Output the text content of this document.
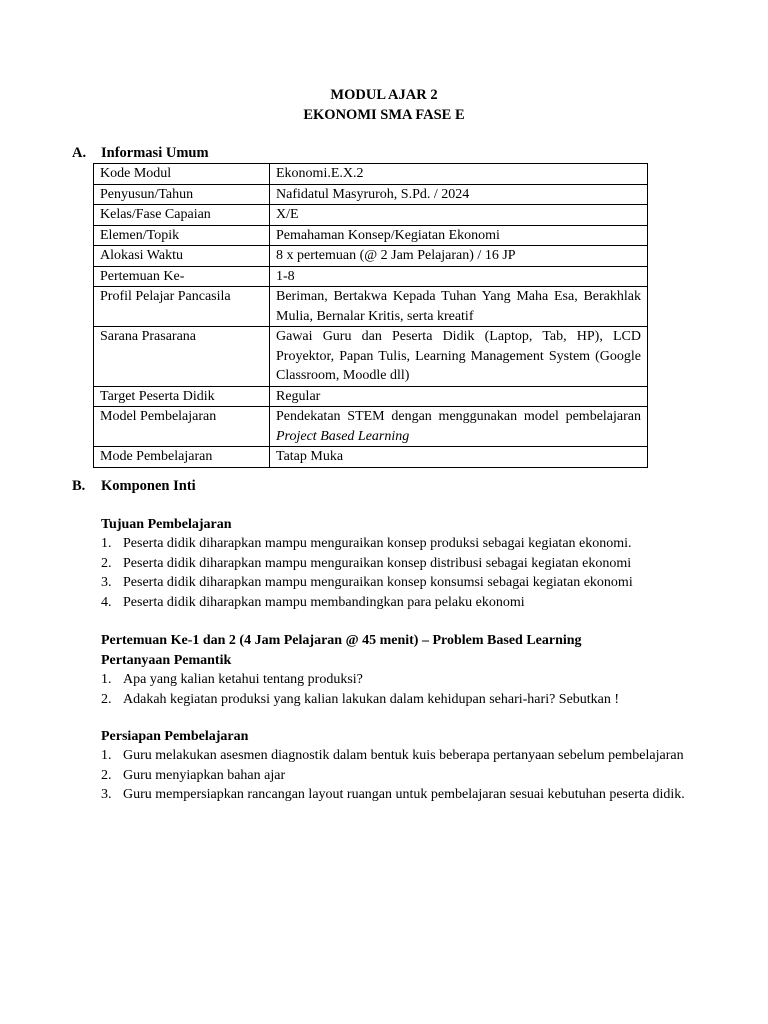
MODUL AJAR 2
EKONOMI SMA FASE E
A. Informasi Umum
Kode Modul	Ekonomi.E.X.2
Penyusun/Tahun	Nafidatul Masyruroh, S.Pd. / 2024
Kelas/Fase Capaian	X/E
Elemen/Topik	Pemahaman Konsep/Kegiatan Ekonomi
Alokasi Waktu	8 x pertemuan (@ 2 Jam Pelajaran) / 16 JP
Pertemuan Ke-	1-8
Profil Pelajar Pancasila	Beriman, Bertakwa Kepada Tuhan Yang Maha Esa, Berakhlak Mulia, Bernalar Kritis, serta kreatif
Sarana Prasarana	Gawai Guru dan Peserta Didik (Laptop, Tab, HP), LCD Proyektor, Papan Tulis, Learning Management System (Google Classroom, Moodle dll)
Target Peserta Didik	Regular
Model Pembelajaran	Pendekatan STEM dengan menggunakan model pembelajaran Project Based Learning
Mode Pembelajaran	Tatap Muka
B. Komponen Inti
Tujuan Pembelajaran
1. Peserta didik diharapkan mampu menguraikan konsep produksi sebagai kegiatan ekonomi.
2. Peserta didik diharapkan mampu menguraikan konsep distribusi sebagai kegiatan ekonomi
3. Peserta didik diharapkan mampu menguraikan konsep konsumsi sebagai kegiatan ekonomi
4. Peserta didik diharapkan mampu membandingkan para pelaku ekonomi
Pertemuan Ke-1 dan 2 (4 Jam Pelajaran @ 45 menit) – Problem Based Learning
Pertanyaan Pemantik
1. Apa yang kalian ketahui tentang produksi?
2. Adakah kegiatan produksi yang kalian lakukan dalam kehidupan sehari-hari? Sebutkan !
Persiapan Pembelajaran
1. Guru melakukan asesmen diagnostik dalam bentuk kuis beberapa pertanyaan sebelum pembelajaran
2. Guru menyiapkan bahan ajar
3. Guru mempersiapkan rancangan layout ruangan untuk pembelajaran sesuai kebutuhan peserta didik.
